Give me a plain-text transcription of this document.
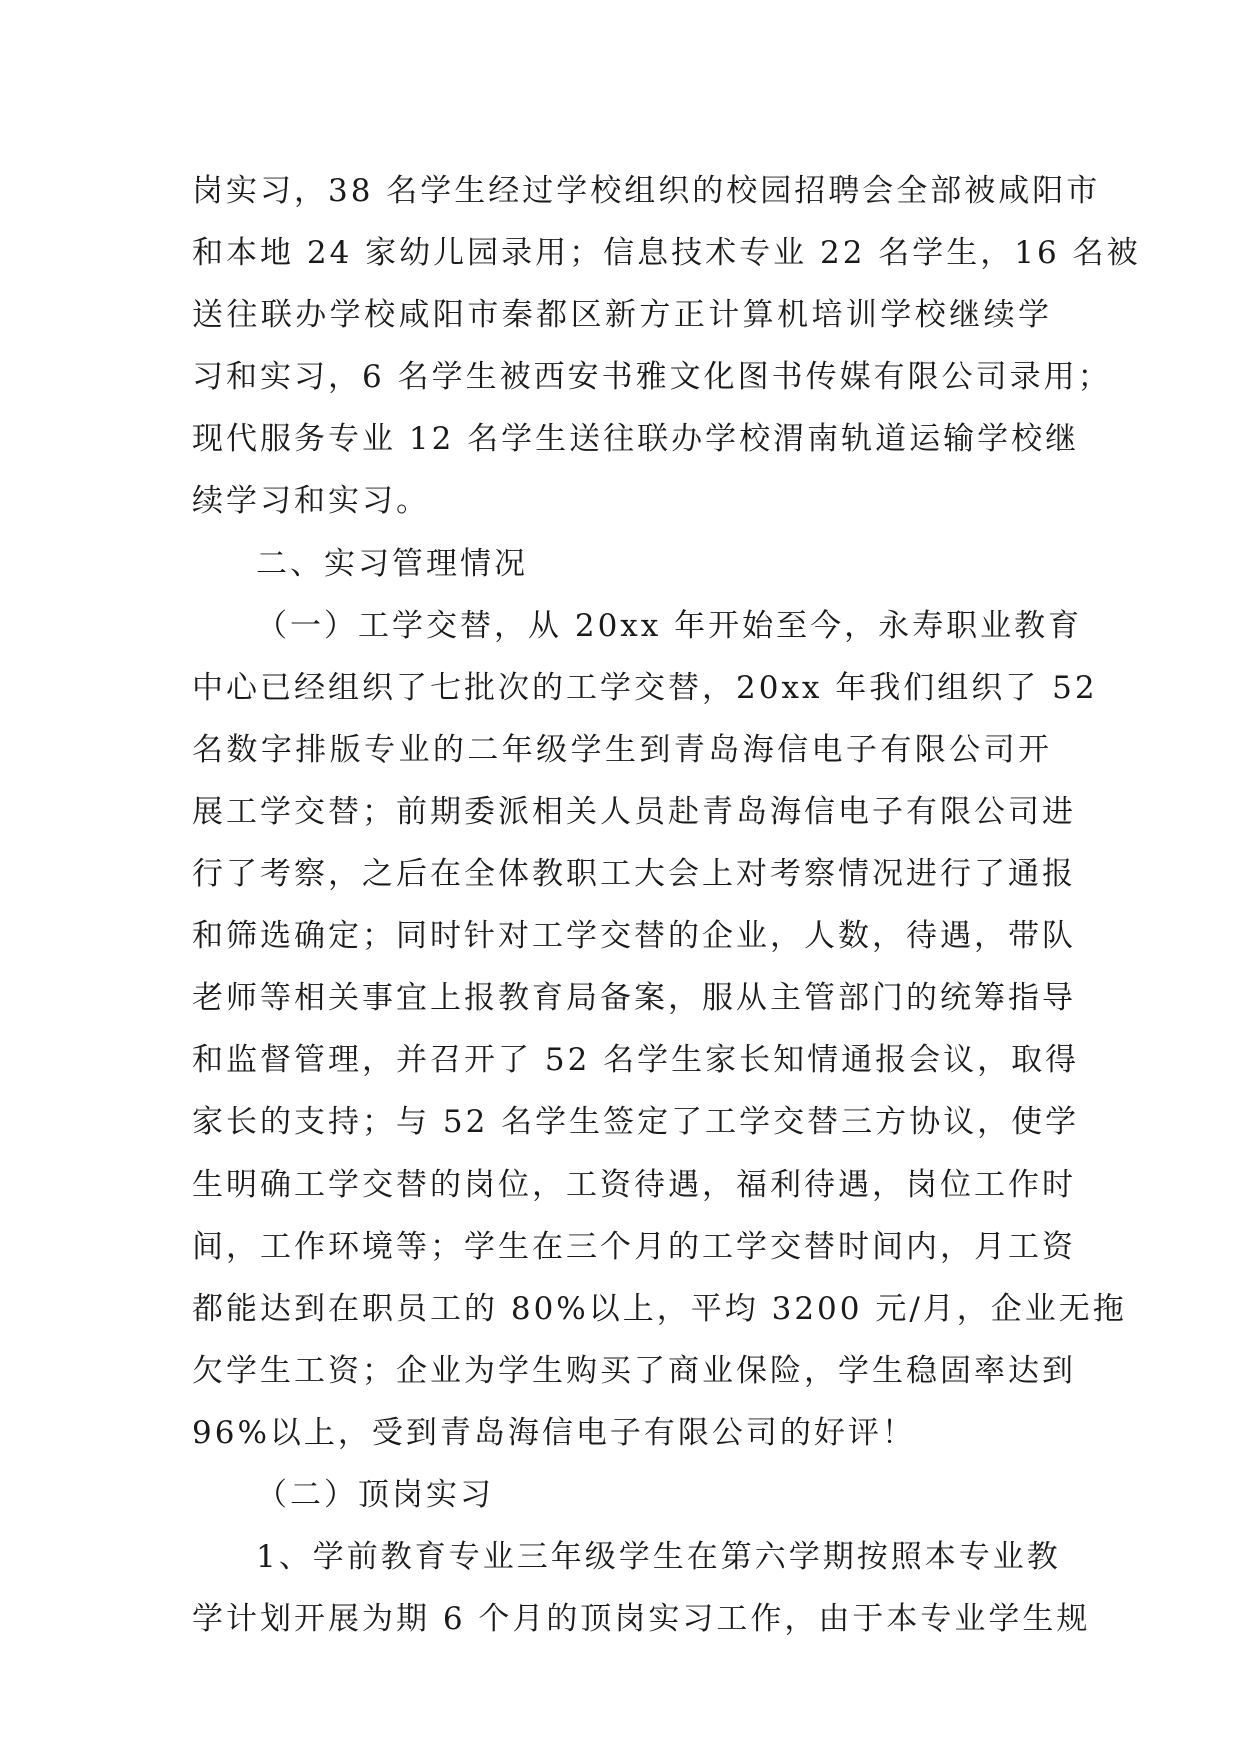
岗实习，38 名学生经过学校组织的校园招聘会全部被咸阳市
和本地 24 家幼儿园录用；信息技术专业 22 名学生，16 名被
送往联办学校咸阳市秦都区新方正计算机培训学校继续学
习和实习，6 名学生被西安书雅文化图书传媒有限公司录用；
现代服务专业 12 名学生送往联办学校渭南轨道运输学校继
续学习和实习。
二、实习管理情况
（一）工学交替，从 20xx 年开始至今，永寿职业教育
中心已经组织了七批次的工学交替，20xx 年我们组织了 52
名数字排版专业的二年级学生到青岛海信电子有限公司开
展工学交替；前期委派相关人员赴青岛海信电子有限公司进
行了考察，之后在全体教职工大会上对考察情况进行了通报
和筛选确定；同时针对工学交替的企业，人数，待遇，带队
老师等相关事宜上报教育局备案，服从主管部门的统筹指导
和监督管理，并召开了 52 名学生家长知情通报会议，取得
家长的支持；与 52 名学生签定了工学交替三方协议，使学
生明确工学交替的岗位，工资待遇，福利待遇，岗位工作时
间，工作环境等；学生在三个月的工学交替时间内，月工资
都能达到在职员工的 80%以上，平均 3200 元/月，企业无拖
欠学生工资；企业为学生购买了商业保险，学生稳固率达到
96%以上，受到青岛海信电子有限公司的好评！
（二）顶岗实习
1、学前教育专业三年级学生在第六学期按照本专业教
学计划开展为期 6 个月的顶岗实习工作，由于本专业学生规
